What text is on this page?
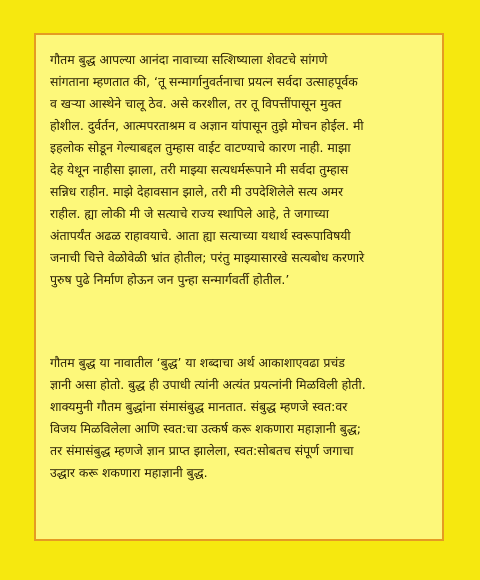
गौतम बुद्ध आपल्या आनंदा नावाच्या सत्शिष्याला शेवटचे सांगणे
सांगताना म्हणतात की, ‘तू सन्मार्गानुवर्तनाचा प्रयत्न सर्वदा उत्साहपूर्वक
व खऱ्या आस्थेने चालू ठेव. असे करशील, तर तू विपत्तींपासून मुक्त
होशील. दुर्वर्तन, आत्मपरताश्रम व अज्ञान यांपासून तुझे मोचन होईल. मी
इहलोक सोडून गेल्याबद्दल तुम्हास वाईट वाटण्याचे कारण नाही. माझा
देह येथून नाहीसा झाला, तरी माझ्या सत्यधर्मरूपाने मी सर्वदा तुम्हास
सन्निध राहीन. माझे देहावसान झाले, तरी मी उपदेशिलेले सत्य अमर
राहील. ह्या लोकी मी जे सत्याचे राज्य स्थापिले आहे, ते जगाच्या
अंतापर्यंत अढळ राहावयाचे. आता ह्या सत्याच्या यथार्थ स्वरूपाविषयी
जनाची चित्ते वेळोवेळी भ्रांत होतील; परंतु माझ्यासारखे सत्यबोध करणारे
पुरुष पुढे निर्माण होऊन जन पुन्हा सन्मार्गवर्ती होतील.’
गौतम बुद्ध या नावातील ‘बुद्ध’ या शब्दाचा अर्थ आकाशाएवढा प्रचंड
ज्ञानी असा होतो. बुद्ध ही उपाधी त्यांनी अत्यंत प्रयत्नांनी मिळविली होती.
शाक्यमुनी गौतम बुद्धांना संमासंबुद्ध मानतात. संबुद्ध म्हणजे स्वत:वर
विजय मिळविलेला आणि स्वत:चा उत्कर्ष करू शकणारा महाज्ञानी बुद्ध;
तर संमासंबुद्ध म्हणजे ज्ञान प्राप्त झालेला, स्वत:सोबतच संपूर्ण जगाचा
उद्धार करू शकणारा महाज्ञानी बुद्ध.
